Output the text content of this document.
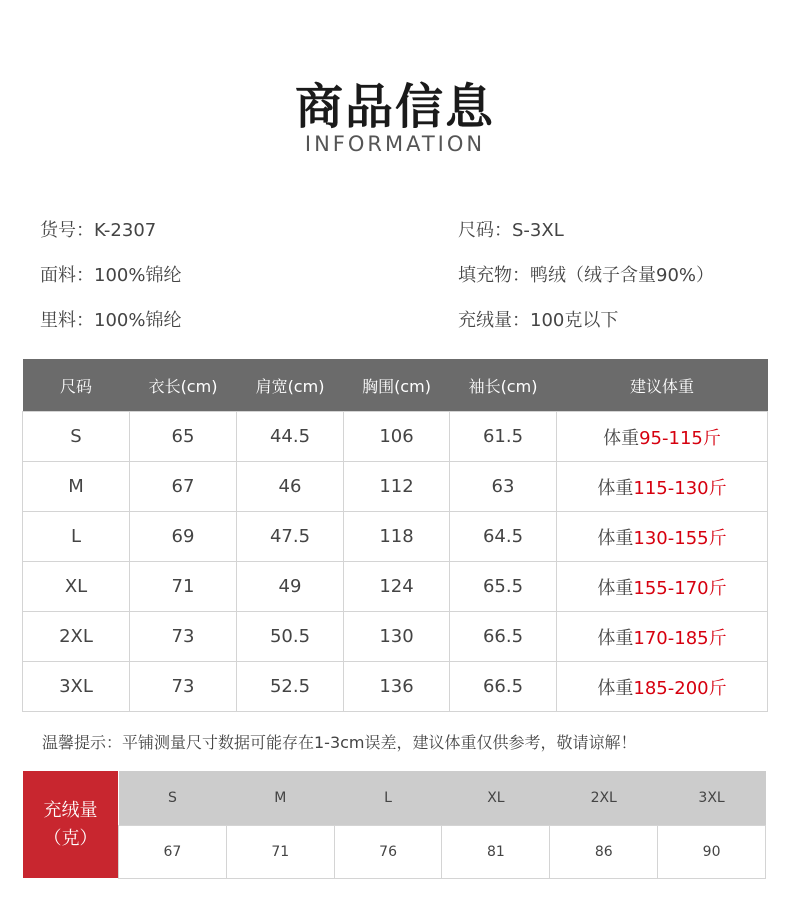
商品信息
INFORMATION
货号：K-2307	尺码：S-3XL
面料：100%锦纶	填充物：鸭绒（绒子含量90%）
里料：100%锦纶	充绒量：100克以下
尺码	衣长(cm)	肩宽(cm)	胸围(cm)	袖长(cm)	建议体重
S	65	44.5	106	61.5	体重95-115斤
M	67	46	112	63	体重115-130斤
L	69	47.5	118	64.5	体重130-155斤
XL	71	49	124	65.5	体重155-170斤
2XL	73	50.5	130	66.5	体重170-185斤
3XL	73	52.5	136	66.5	体重185-200斤
温馨提示：平铺测量尺寸数据可能存在1-3cm误差，建议体重仅供参考，敬请谅解！
充绒量
（克）
S	M	L	XL	2XL	3XL
67	71	76	81	86	90
